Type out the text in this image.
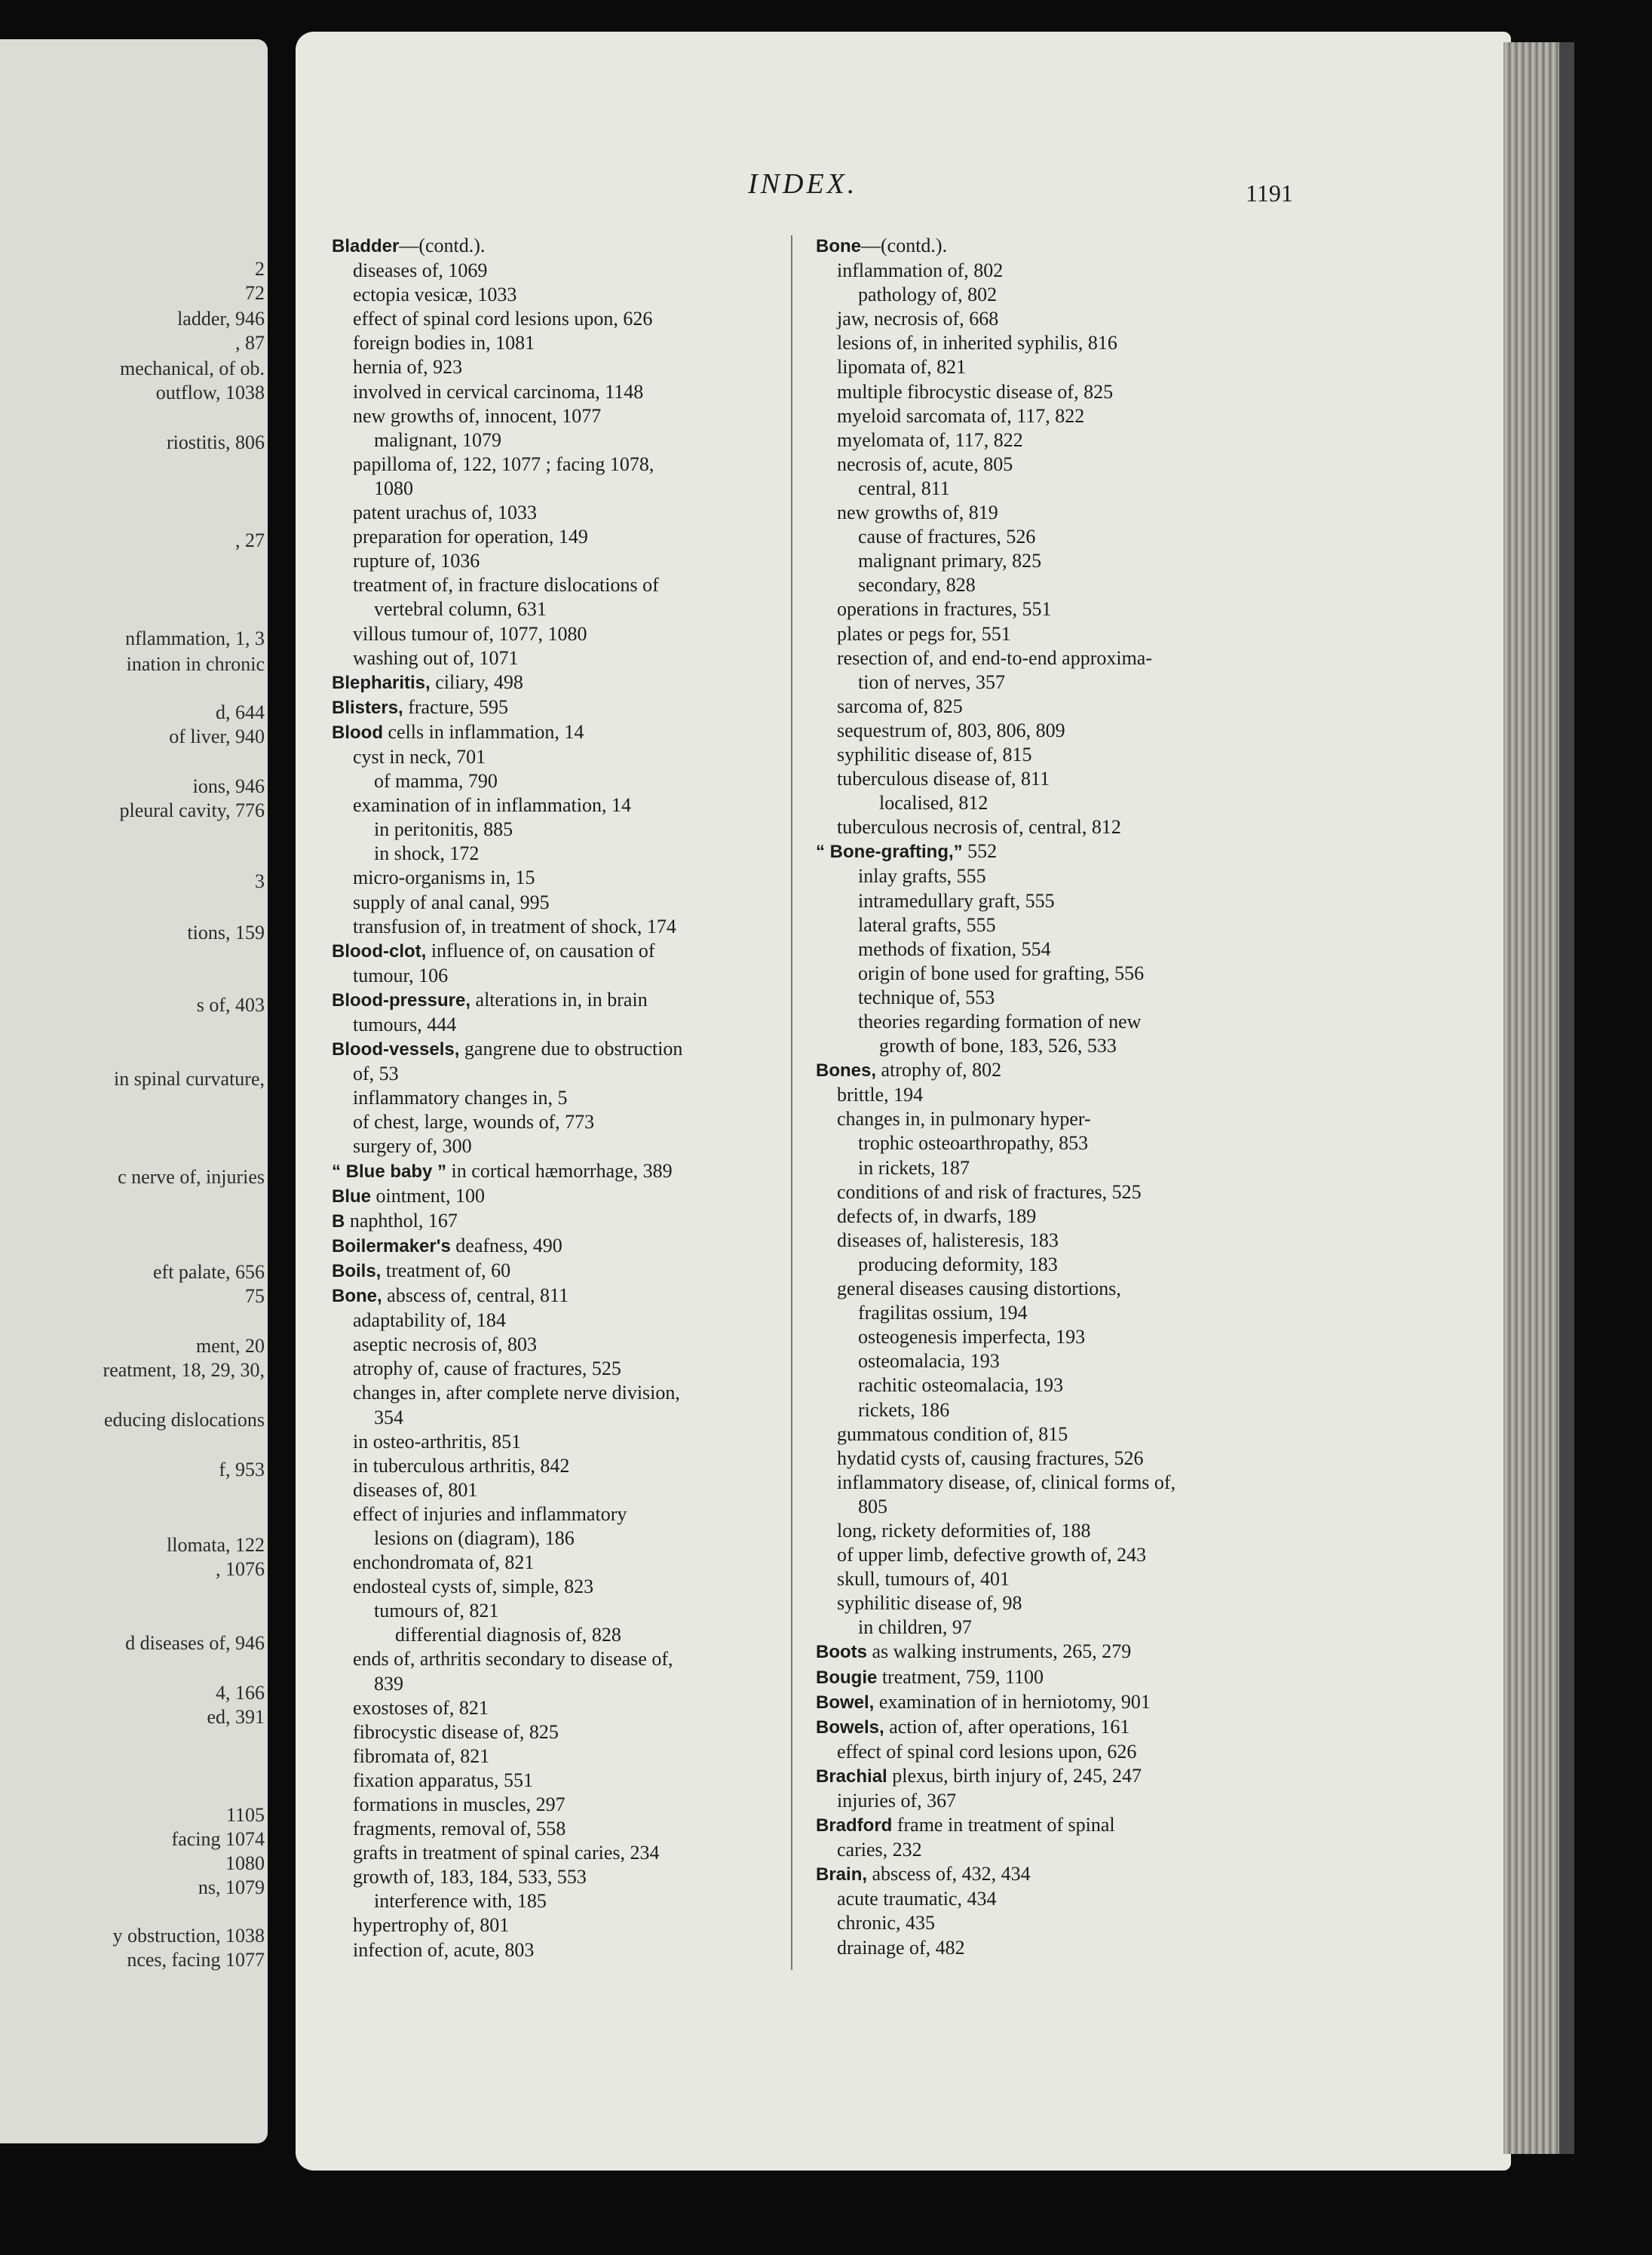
2
72
ladder, 946
, 87
mechanical, of ob.
outflow, 1038
riostitis, 806
, 27
nflammation, 1, 3
ination in chronic
d, 644
of liver, 940
ions, 946
pleural cavity, 776
3
tions, 159
s of, 403
in spinal curvature,
c nerve of, injuries
eft palate, 656
75
ment, 20
reatment, 18, 29, 30,
educing dislocations
f, 953
llomata, 122
, 1076
d diseases of, 946
4, 166
ed, 391
1105
facing 1074
1080
ns, 1079
y obstruction, 1038
nces, facing 1077
INDEX.	1191
Bladder—(contd.).
diseases of, 1069
ectopia vesicæ, 1033
effect of spinal cord lesions upon, 626
foreign bodies in, 1081
hernia of, 923
involved in cervical carcinoma, 1148
new growths of, innocent, 1077
malignant, 1079
papilloma of, 122, 1077 ; facing 1078,
1080
patent urachus of, 1033
preparation for operation, 149
rupture of, 1036
treatment of, in fracture dislocations of
vertebral column, 631
villous tumour of, 1077, 1080
washing out of, 1071
Blepharitis, ciliary, 498
Blisters, fracture, 595
Blood cells in inflammation, 14
cyst in neck, 701
of mamma, 790
examination of in inflammation, 14
in peritonitis, 885
in shock, 172
micro-organisms in, 15
supply of anal canal, 995
transfusion of, in treatment of shock, 174
Blood-clot, influence of, on causation of
tumour, 106
Blood-pressure, alterations in, in brain
tumours, 444
Blood-vessels, gangrene due to obstruction
of, 53
inflammatory changes in, 5
of chest, large, wounds of, 773
surgery of, 300
“ Blue baby ” in cortical hæmorrhage, 389
Blue ointment, 100
B naphthol, 167
Boilermaker's deafness, 490
Boils, treatment of, 60
Bone, abscess of, central, 811
adaptability of, 184
aseptic necrosis of, 803
atrophy of, cause of fractures, 525
changes in, after complete nerve division,
354
in osteo-arthritis, 851
in tuberculous arthritis, 842
diseases of, 801
effect of injuries and inflammatory
lesions on (diagram), 186
enchondromata of, 821
endosteal cysts of, simple, 823
tumours of, 821
differential diagnosis of, 828
ends of, arthritis secondary to disease of,
839
exostoses of, 821
fibrocystic disease of, 825
fibromata of, 821
fixation apparatus, 551
formations in muscles, 297
fragments, removal of, 558
grafts in treatment of spinal caries, 234
growth of, 183, 184, 533, 553
interference with, 185
hypertrophy of, 801
infection of, acute, 803
Bone—(contd.).
inflammation of, 802
pathology of, 802
jaw, necrosis of, 668
lesions of, in inherited syphilis, 816
lipomata of, 821
multiple fibrocystic disease of, 825
myeloid sarcomata of, 117, 822
myelomata of, 117, 822
necrosis of, acute, 805
central, 811
new growths of, 819
cause of fractures, 526
malignant primary, 825
secondary, 828
operations in fractures, 551
plates or pegs for, 551
resection of, and end-to-end approxima-
tion of nerves, 357
sarcoma of, 825
sequestrum of, 803, 806, 809
syphilitic disease of, 815
tuberculous disease of, 811
localised, 812
tuberculous necrosis of, central, 812
“ Bone-grafting,” 552
inlay grafts, 555
intramedullary graft, 555
lateral grafts, 555
methods of fixation, 554
origin of bone used for grafting, 556
technique of, 553
theories regarding formation of new
growth of bone, 183, 526, 533
Bones, atrophy of, 802
brittle, 194
changes in, in pulmonary hyper-
trophic osteoarthropathy, 853
in rickets, 187
conditions of and risk of fractures, 525
defects of, in dwarfs, 189
diseases of, halisteresis, 183
producing deformity, 183
general diseases causing distortions,
fragilitas ossium, 194
osteogenesis imperfecta, 193
osteomalacia, 193
rachitic osteomalacia, 193
rickets, 186
gummatous condition of, 815
hydatid cysts of, causing fractures, 526
inflammatory disease, of, clinical forms of,
805
long, rickety deformities of, 188
of upper limb, defective growth of, 243
skull, tumours of, 401
syphilitic disease of, 98
in children, 97
Boots as walking instruments, 265, 279
Bougie treatment, 759, 1100
Bowel, examination of in herniotomy, 901
Bowels, action of, after operations, 161
effect of spinal cord lesions upon, 626
Brachial plexus, birth injury of, 245, 247
injuries of, 367
Bradford frame in treatment of spinal
caries, 232
Brain, abscess of, 432, 434
acute traumatic, 434
chronic, 435
drainage of, 482
